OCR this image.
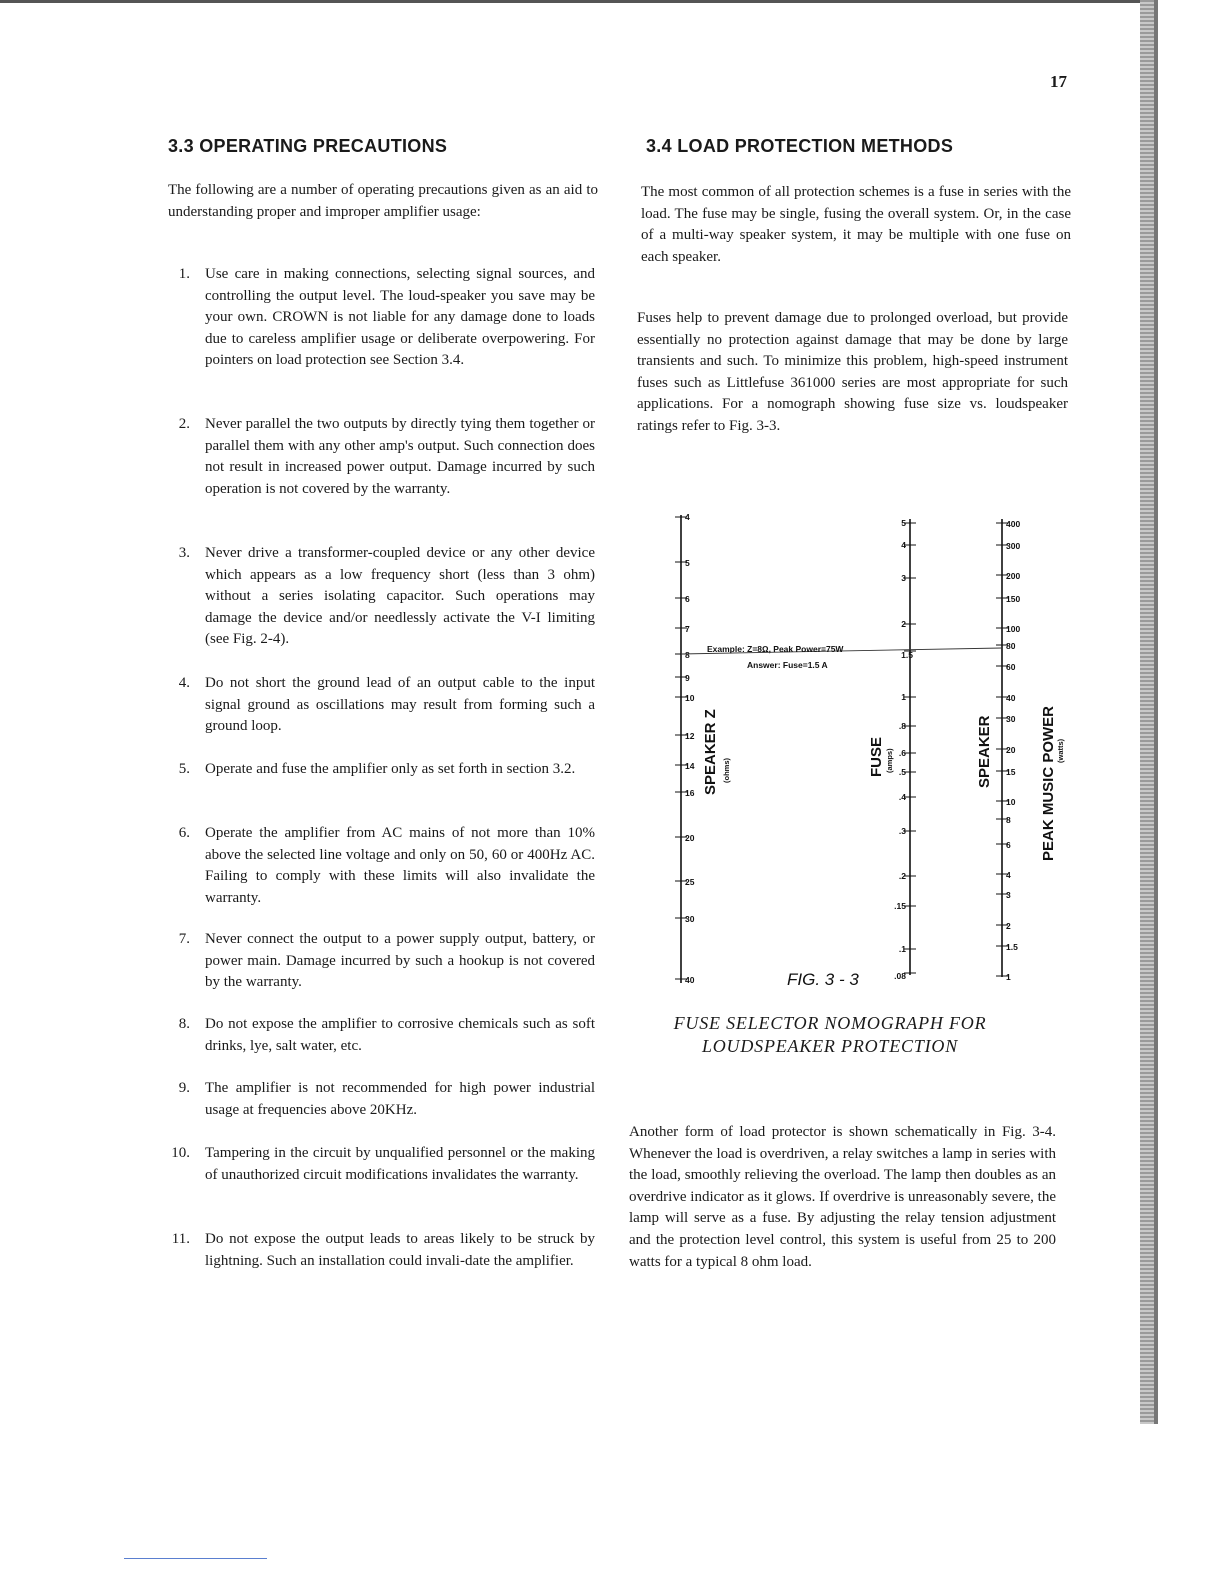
17
3.3 OPERATING PRECAUTIONS
The following are a number of operating precautions given as an aid to understanding proper and improper amplifier usage:
1. Use care in making connections, selecting signal sources, and controlling the output level. The loud-speaker you save may be your own. CROWN is not liable for any damage done to loads due to careless amplifier usage or deliberate overpowering. For pointers on load protection see Section 3.4.
2. Never parallel the two outputs by directly tying them together or parallel them with any other amp's output. Such connection does not result in increased power output. Damage incurred by such operation is not covered by the warranty.
3. Never drive a transformer-coupled device or any other device which appears as a low frequency short (less than 3 ohm) without a series isolating capacitor. Such operations may damage the device and/or needlessly activate the V-I limiting (see Fig. 2-4).
4. Do not short the ground lead of an output cable to the input signal ground as oscillations may result from forming such a ground loop.
5. Operate and fuse the amplifier only as set forth in section 3.2.
6. Operate the amplifier from AC mains of not more than 10% above the selected line voltage and only on 50, 60 or 400Hz AC. Failing to comply with these limits will also invalidate the warranty.
7. Never connect the output to a power supply output, battery, or power main. Damage incurred by such a hookup is not covered by the warranty.
8. Do not expose the amplifier to corrosive chemicals such as soft drinks, lye, salt water, etc.
9. The amplifier is not recommended for high power industrial usage at frequencies above 20KHz.
10. Tampering in the circuit by unqualified personnel or the making of unauthorized circuit modifications invalidates the warranty.
11. Do not expose the output leads to areas likely to be struck by lightning. Such an installation could invali-date the amplifier.
3.4 LOAD PROTECTION METHODS
The most common of all protection schemes is a fuse in series with the load. The fuse may be single, fusing the overall system. Or, in the case of a multi-way speaker system, it may be multiple with one fuse on each speaker.
Fuses help to prevent damage due to prolonged overload, but provide essentially no protection against damage that may be done by large transients and such. To minimize this problem, high-speed instrument fuses such as Littlefuse 361000 series are most appropriate for such applications. For a nomograph showing fuse size vs. loudspeaker ratings refer to Fig. 3-3.
4
5
6
7
8
9
10
12
14
16
20
25
30
40
5
4
3
2
1.5
1
.8
.6
.5
.4
.3
.2
.15
.1
.08
400
300
200
150
100
80
60
40
30
20
15
10
8
6
4
3
2
1.5
1
Example: Z=8Ω, Peak Power=75W
Answer: Fuse=1.5 A
SPEAKER Z (ohms)	FUSE (amps)	SPEAKER	PEAK MUSIC POWER (watts)
FIG. 3 - 3
FUSE SELECTOR NOMOGRAPH FOR
LOUDSPEAKER PROTECTION
Another form of load protector is shown schematically in Fig. 3-4. Whenever the load is overdriven, a relay switches a lamp in series with the load, smoothly relieving the overload. The lamp then doubles as an overdrive indicator as it glows. If overdrive is unreasonably severe, the lamp will serve as a fuse. By adjusting the relay tension adjustment and the protection level control, this system is useful from 25 to 200 watts for a typical 8 ohm load.
